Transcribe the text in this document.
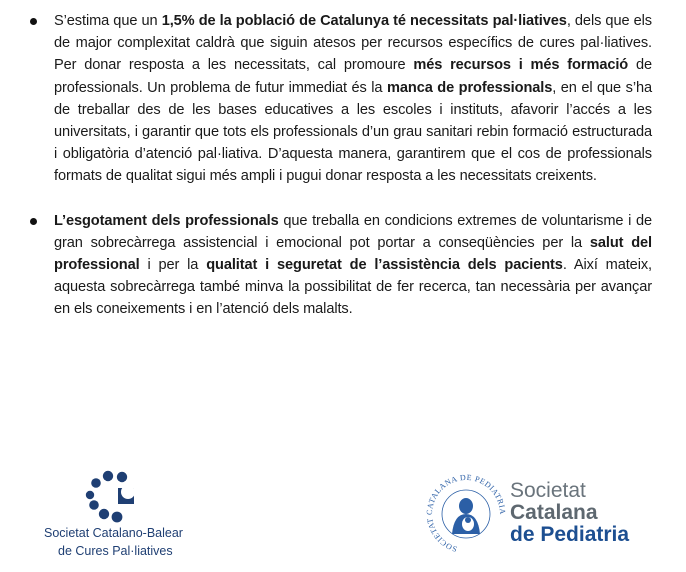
S’estima que un 1,5% de la població de Catalunya té necessitats pal·liatives, dels que els de major complexitat caldrà que siguin atesos per recursos específics de cures pal·liatives. Per donar resposta a les necessitats, cal promoure més recursos i més formació de professionals. Un problema de futur immediat és la manca de professionals, en el que s’ha de treballar des de les bases educatives a les escoles i instituts, afavorir l’accés a les universitats, i garantir que tots els professionals d’un grau sanitari rebin formació estructurada i obligatòria d’atenció pal·liativa. D’aquesta manera, garantirem que el cos de professionals formats de qualitat sigui més ampli i pugui donar resposta a les necessitats creixents.

L’esgotament dels professionals que treballa en condicions extremes de voluntarisme i de gran sobrecàrrega assistencial i emocional pot portar a conseqüències per la salut del professional i per la qualitat i seguretat de l’assistència dels pacients. Així mateix, aquesta sobrecàrrega també minva la possibilitat de fer recerca, tan necessària per avançar en els coneixements i en l’atenció dels malalts.

Societat Catalano-Balear
de Cures Pal·liatives	SOCIETAT CATALANA DE PEDIATRIA
Societat
Catalana
de Pediatria
